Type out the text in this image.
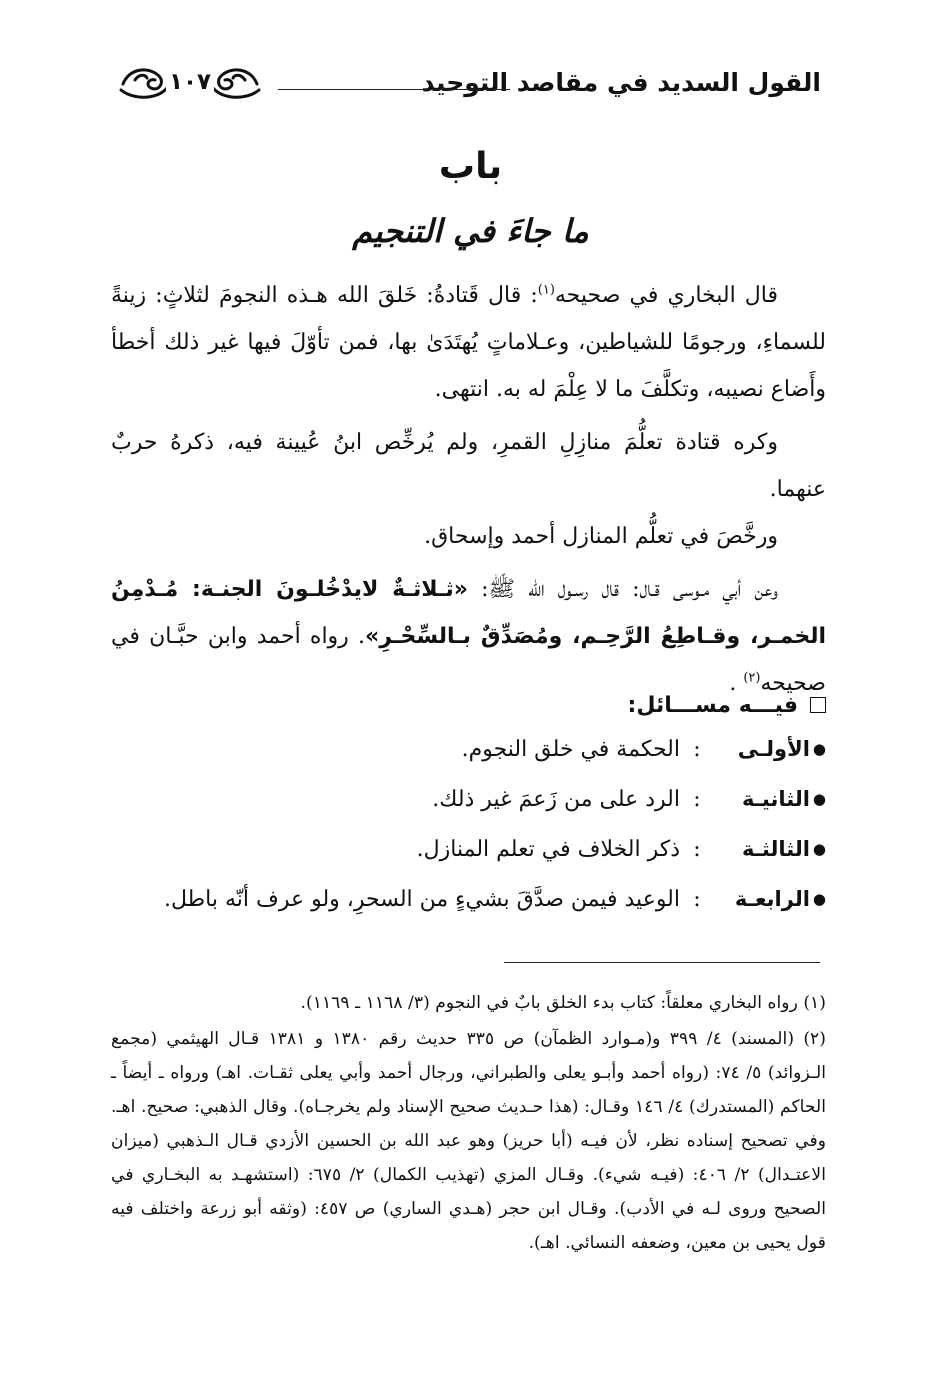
القول السديد في مقاصد التوحيد
١٠٧
باب
ما جاءَ في التنجيم

قال البخاري في صحيحه$^{(١)}$: قال قَتادةُ: خَلقَ الله هـذه النجومَ لثلاثٍ: زينةً للسماءِ، ورجومًا للشياطين، وعـلاماتٍ يُهتَدَىٰ بها، فمن تأوّلَ فيها غير ذلك أخطأ وأَضاع نصيبه، وتكلَّفَ ما لا عِلْمَ له به. انتهى.

وكره قتادة تعلُّمَ منازِلِ القمرِ، ولم يُرخِّص ابنُ عُيينة فيه، ذكرهُ حربٌ عنهما.

ورخَّصَ في تعلُّم المنازل أحمد وإسحاق.

وعن أبي مـوسى قـال: قال رسـول الله ﷺ: «ثـلاثـةٌ لايدْخُلـونَ الجنـة: مُـدْمِنُ الخمـر، وقـاطِعُ الرَّحِـم، ومُصَدِّقٌ بـالسِّحْـرِ». رواه أحمد وابن حبَّـان في صحيحه$^{(٢)}$ .

فيـــه مســـائل:
●
الأولـى
:
الحكمة في خلق النجوم.
●
الثانيـة
:
الرد على من زَعمَ غير ذلك.
●
الثالثـة
:
ذكر الخلاف في تعلم المنازل.
●
الرابعـة
:
الوعيد فيمن صدَّقَ بشيءٍ من السحرِ، ولو عرف أنّه باطل.

(١) رواه البخاري معلقاً: كتاب بدء الخلق بابٌ في النجوم (٣/ ١١٦٨ ـ ١١٦٩).

(٢) (المسند) ٤/ ٣٩٩ و(مـوارد الظمآن) ص ٣٣٥ حديث رقم ١٣٨٠ و ١٣٨١ قـال الهيثمي (مجمع الـزوائد) ٥/ ٧٤: (رواه أحمد وأبـو يعلى والطبراني، ورجال أحمد وأبي يعلى ثقـات. اهـ) ورواه ـ أيضاً ـ الحاكم (المستدرك) ٤/ ١٤٦ وقـال: (هذا حـديث صحيح الإسناد ولم يخرجـاه). وقال الذهبي: صحيح. اهـ. وفي تصحيح إسناده نظر، لأن فيـه (أبا حريز) وهو عبد الله بن الحسين الأزدي قـال الـذهبي (ميزان الاعتـدال) ٢/ ٤٠٦: (فيـه شيء). وقـال المزي (تهذيب الكمال) ٢/ ٦٧٥: (استشهـد به البخـاري في الصحيح وروى لـه في الأدب). وقـال ابن حجر (هـدي الساري) ص ٤٥٧: (وثقه أبو زرعة واختلف فيه قول يحيى بن معين، وضعفه النسائي. اهـ).
